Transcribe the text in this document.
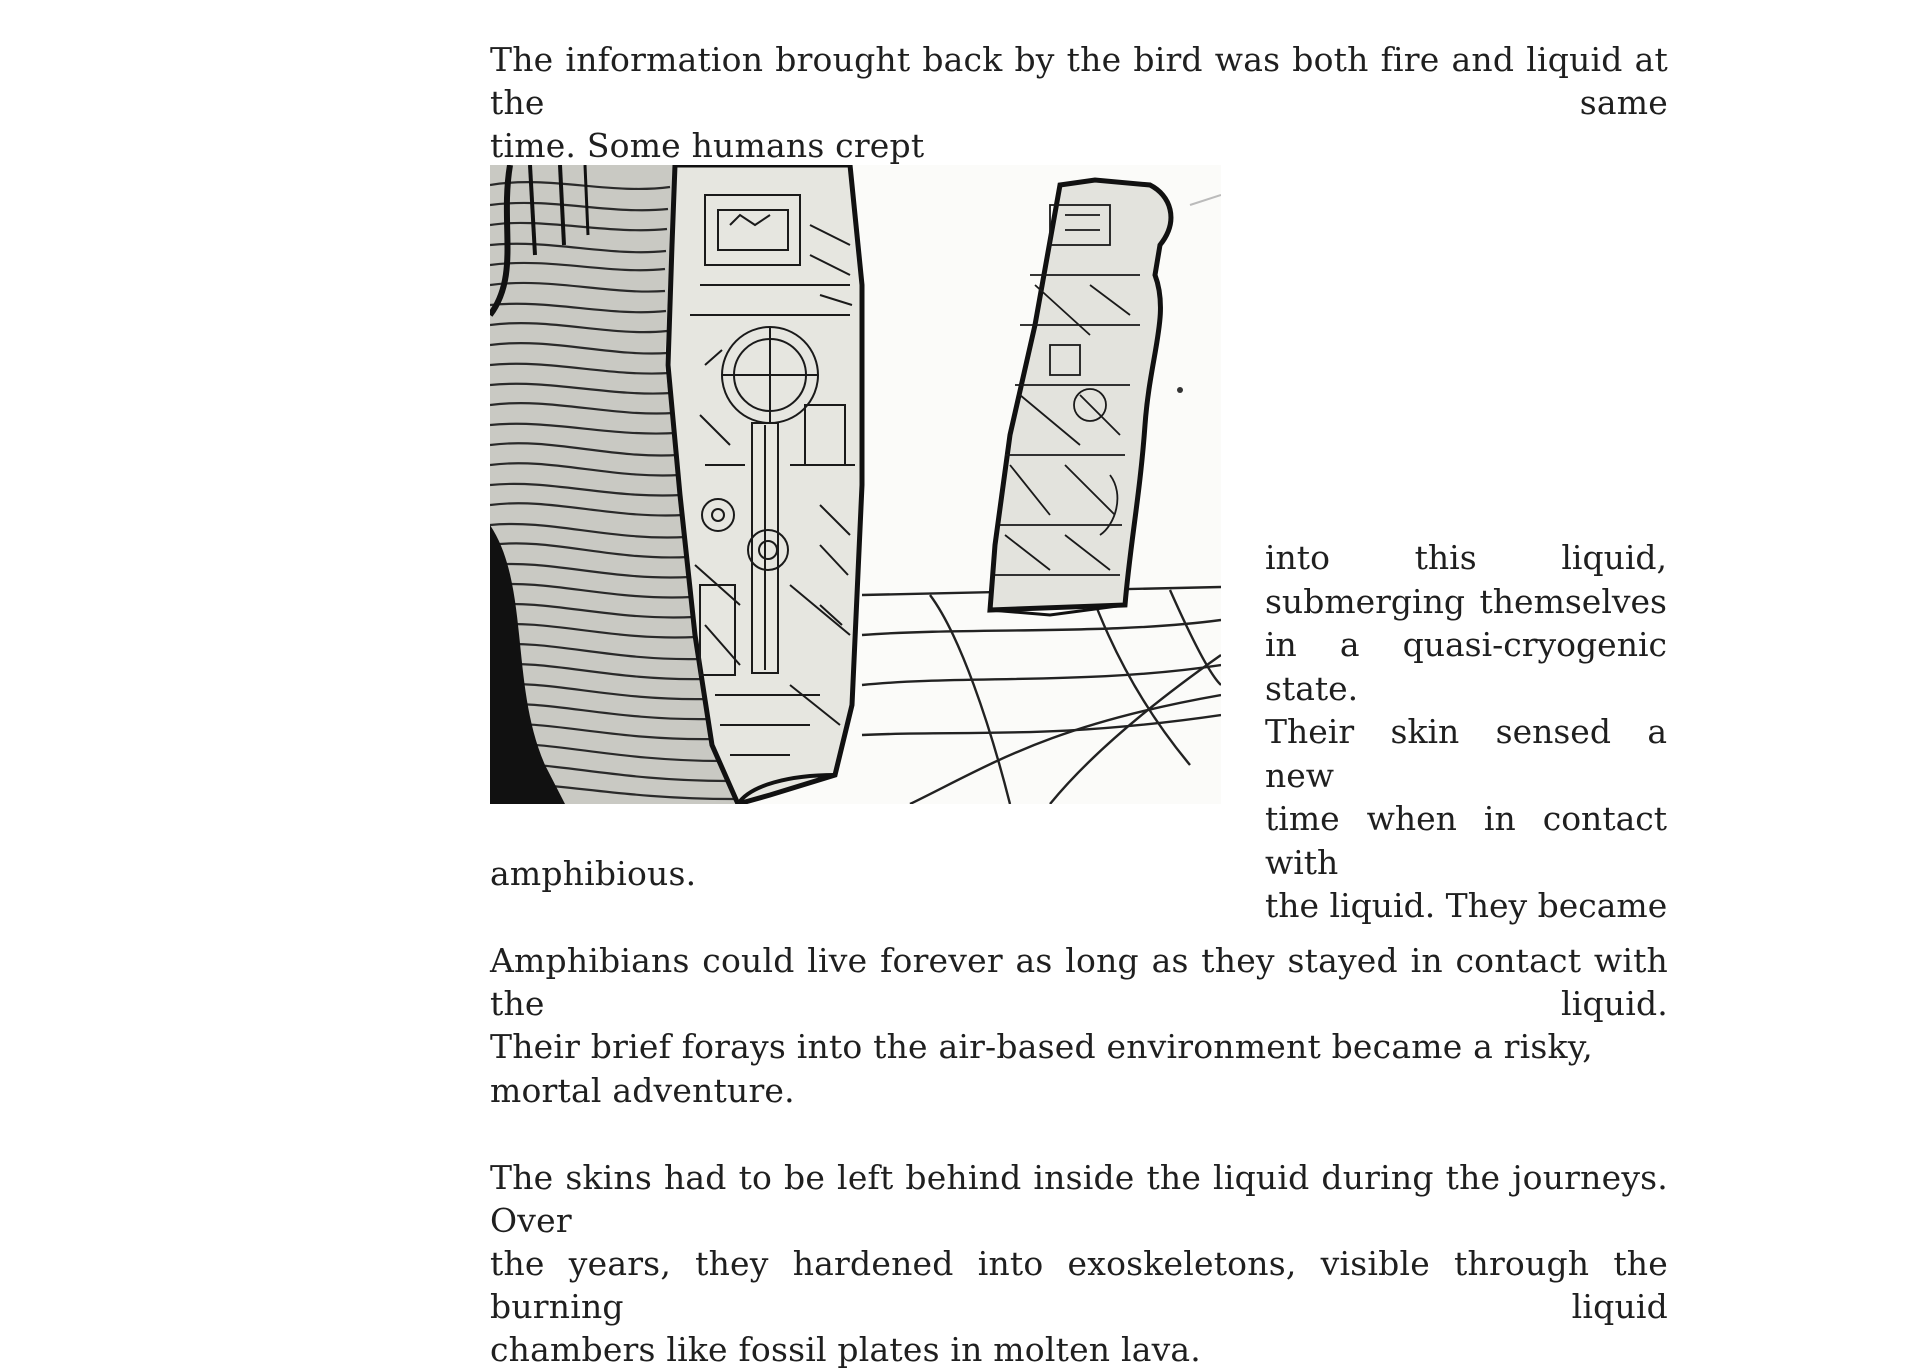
The information brought back by the bird was both fire and liquid at the same
time. Some humans crept
into this liquid,
submerging themselves
in a quasi-cryogenic state.
Their skin sensed a new
time when in contact with
the liquid. They became
amphibious.
Amphibians could live forever as long as they stayed in contact with the liquid.
Their brief forays into the air-based environment became a risky,
mortal adventure.
The skins had to be left behind inside the liquid during the journeys. Over
the years, they hardened into exoskeletons, visible through the burning liquid
chambers like fossil plates in molten lava.
